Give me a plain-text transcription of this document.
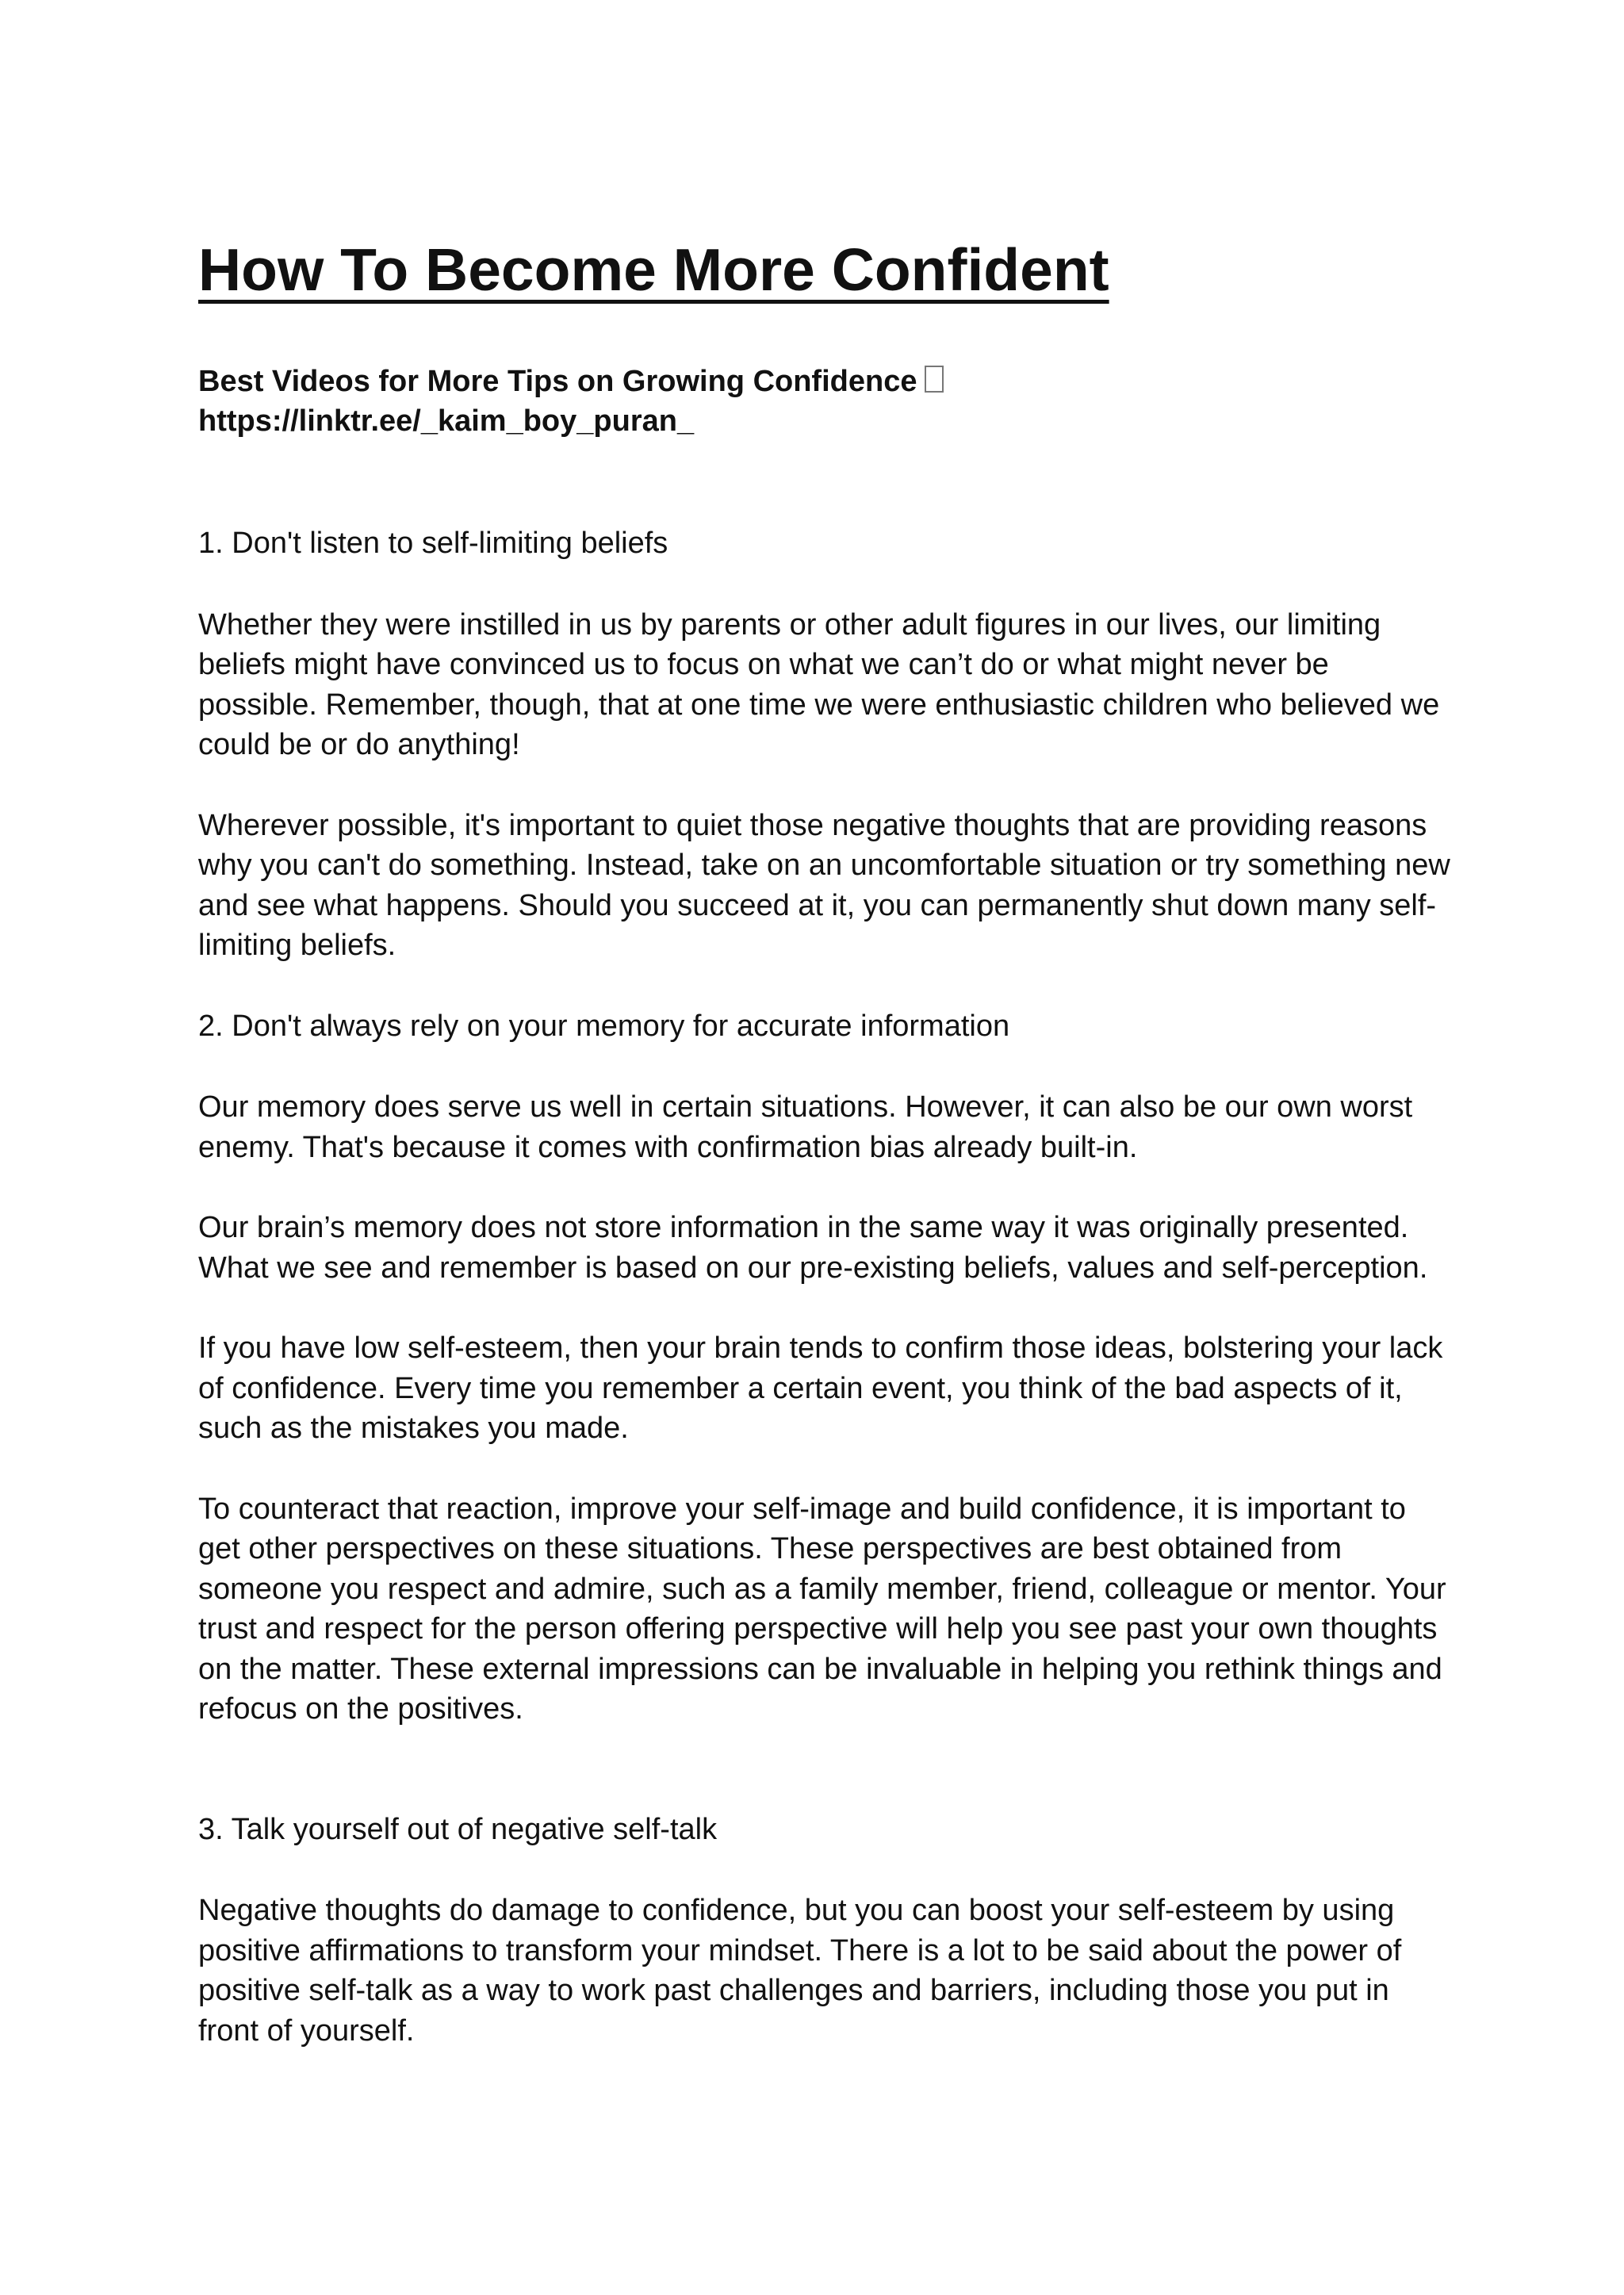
How To Become More Confident
Best Videos for More Tips on Growing Confidence
https://linktr.ee/_kaim_boy_puran_

1. Don't listen to self-limiting beliefs

Whether they were instilled in us by parents or other adult figures in our lives, our limiting beliefs might have convinced us to focus on what we can’t do or what might never be possible. Remember, though, that at one time we were enthusiastic children who believed we could be or do anything!

Wherever possible, it's important to quiet those negative thoughts that are providing reasons why you can't do something. Instead, take on an uncomfortable situation or try something new and see what happens. Should you succeed at it, you can permanently shut down many self-limiting beliefs.

2. Don't always rely on your memory for accurate information

Our memory does serve us well in certain situations. However, it can also be our own worst enemy. That's because it comes with confirmation bias already built-in.

Our brain’s memory does not store information in the same way it was originally presented. What we see and remember is based on our pre-existing beliefs, values and self-perception.

If you have low self-esteem, then your brain tends to confirm those ideas, bolstering your lack of confidence. Every time you remember a certain event, you think of the bad aspects of it, such as the mistakes you made.

To counteract that reaction, improve your self-image and build confidence, it is important to get other perspectives on these situations. These perspectives are best obtained from someone you respect and admire, such as a family member, friend, colleague or mentor. Your trust and respect for the person offering perspective will help you see past your own thoughts on the matter. These external impressions can be invaluable in helping you rethink things and refocus on the positives.

3. Talk yourself out of negative self-talk

Negative thoughts do damage to confidence, but you can boost your self-esteem by using positive affirmations to transform your mindset. There is a lot to be said about the power of positive self-talk as a way to work past challenges and barriers, including those you put in front of yourself.
